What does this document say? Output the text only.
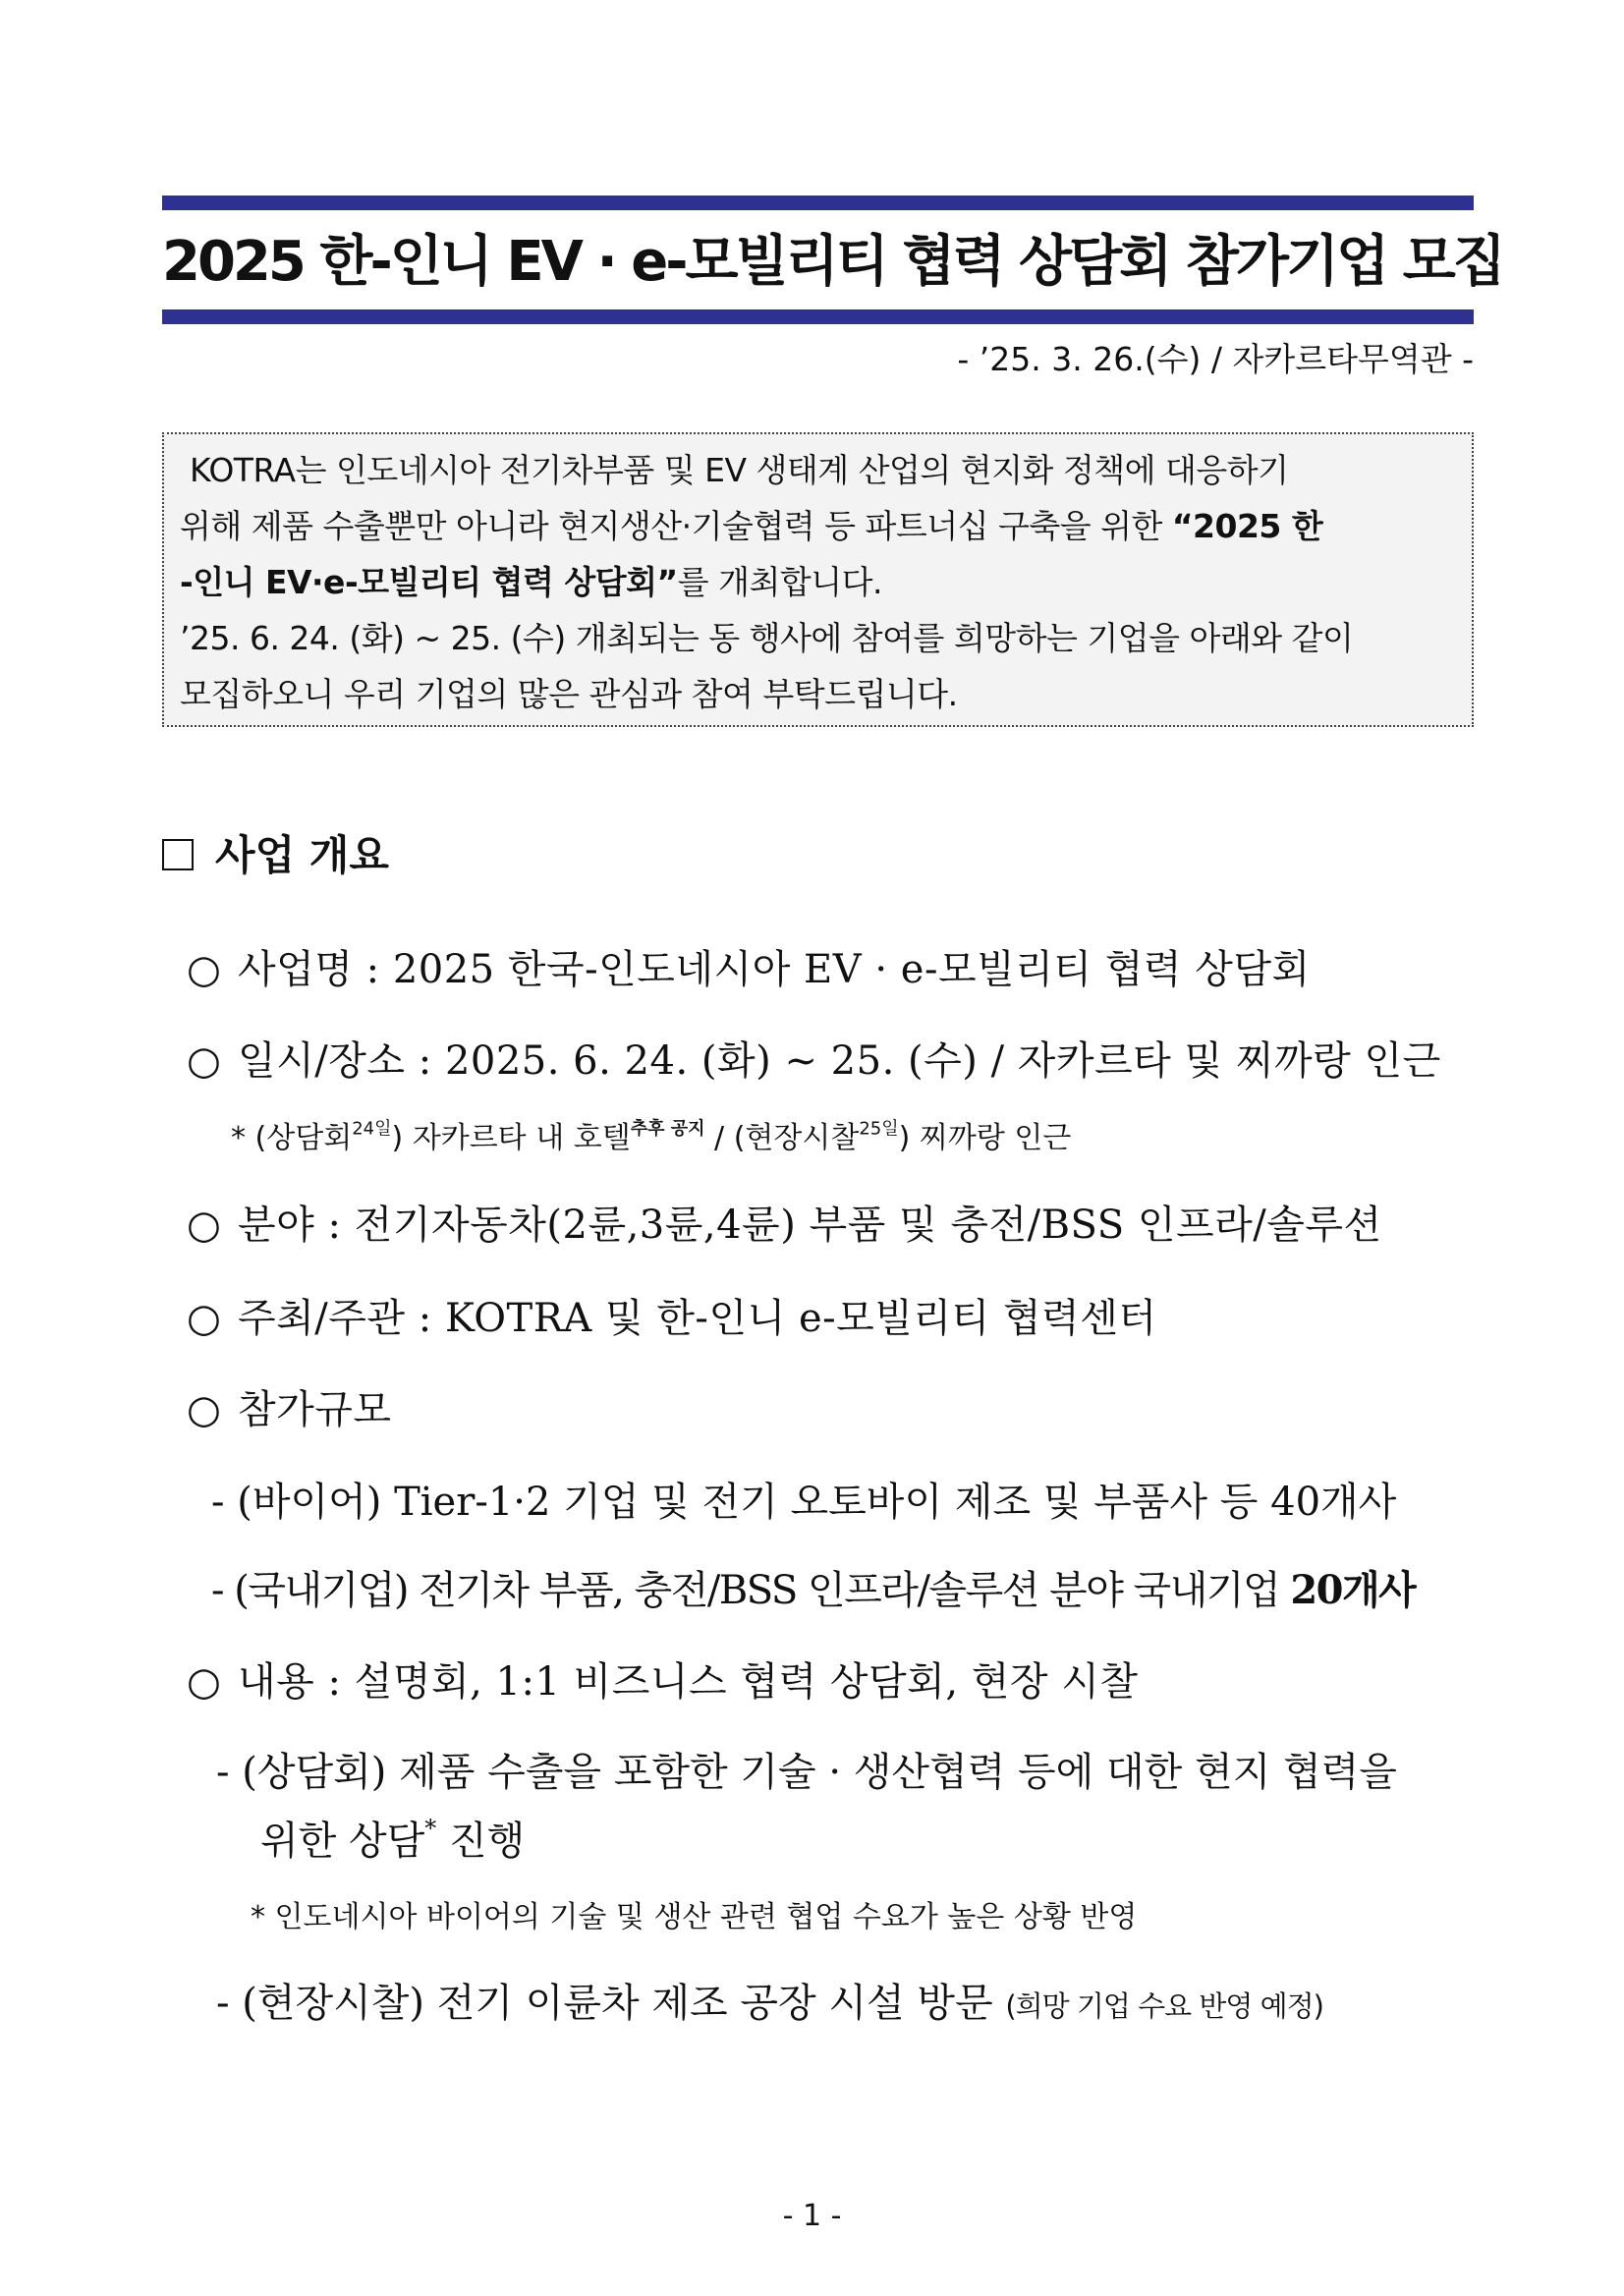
2025 한-인니 EV · e-모빌리티 협력 상담회 참가기업 모집
- ’25. 3. 26.(수) / 자카르타무역관 -

KOTRA는 인도네시아 전기차부품 및 EV 생태계 산업의 현지화 정책에 대응하기

위해 제품 수출뿐만 아니라 현지생산·기술협력 등 파트너십 구축을 위한 “2025 한

-인니 EV·e-모빌리티 협력 상담회”를 개최합니다.

’25. 6. 24. (화) ~ 25. (수) 개최되는 동 행사에 참여를 희망하는 기업을 아래와 같이

모집하오니 우리 기업의 많은 관심과 참여 부탁드립니다.

사업 개요
○ 사업명 : 2025 한국-인도네시아 EV · e-모빌리티 협력 상담회
○ 일시/장소 : 2025. 6. 24. (화) ~ 25. (수) / 자카르타 및 찌까랑 인근
* (상담회$^{24일}$) 자카르타 내 호텔$^{추후 공지}$ / (현장시찰$^{25일}$) 찌까랑 인근
○ 분야 : 전기자동차(2륜,3륜,4륜) 부품 및 충전/BSS 인프라/솔루션
○ 주최/주관 : KOTRA 및 한-인니 e-모빌리티 협력센터
○ 참가규모
- (바이어) Tier-1·2 기업 및 전기 오토바이 제조 및 부품사 등 40개사
- (국내기업) 전기차 부품, 충전/BSS 인프라/솔루션 분야 국내기업 20개사
○ 내용 : 설명회, 1:1 비즈니스 협력 상담회, 현장 시찰
- (상담회) 제품 수출을 포함한 기술 · 생산협력 등에 대한 현지 협력을
위한 상담* 진행
* 인도네시아 바이어의 기술 및 생산 관련 협업 수요가 높은 상황 반영
- (현장시찰) 전기 이륜차 제조 공장 시설 방문 (희망 기업 수요 반영 예정)
- 1 -
